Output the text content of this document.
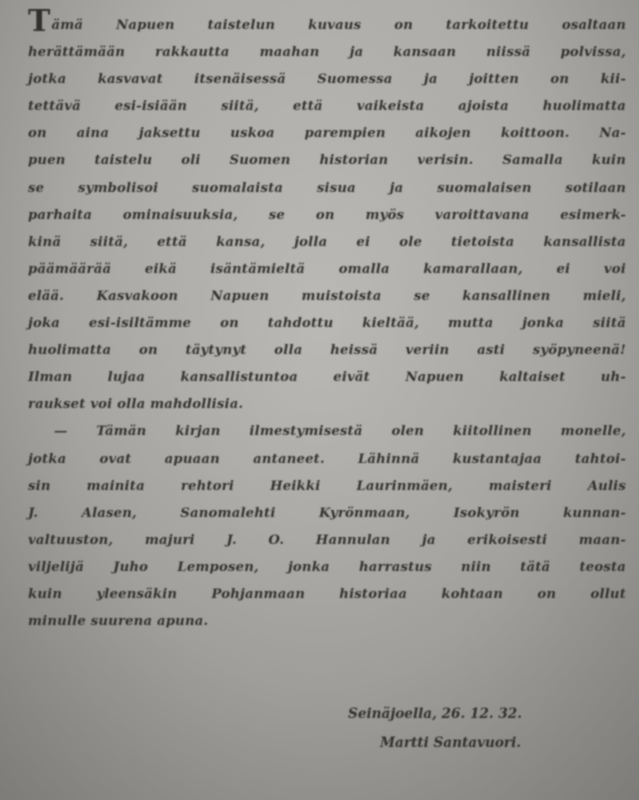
Tämä Napuen taistelun kuvaus on tarkoitettu osaltaan
herättämään rakkautta maahan ja kansaan niissä polvissa,
jotka kasvavat itsenäisessä Suomessa ja joitten on kii-
tettävä esi-isiään siitä, että vaikeista ajoista huolimatta
on aina jaksettu uskoa parempien aikojen koittoon. Na-
puen taistelu oli Suomen historian verisin. Samalla kuin
se symbolisoi suomalaista sisua ja suomalaisen sotilaan
parhaita ominaisuuksia, se on myös varoittavana esimerk-
kinä siitä, että kansa, jolla ei ole tietoista kansallista
päämäärää eikä isäntämieltä omalla kamarallaan, ei voi
elää. Kasvakoon Napuen muistoista se kansallinen mieli,
joka esi-isiltämme on tahdottu kieltää, mutta jonka siitä
huolimatta on täytynyt olla heissä veriin asti syöpyneenä!
Ilman lujaa kansallistuntoa eivät Napuen kaltaiset uh-
raukset voi olla mahdollisia.
— Tämän kirjan ilmestymisestä olen kiitollinen monelle,
jotka ovat apuaan antaneet. Lähinnä kustantajaa tahtoi-
sin mainita rehtori Heikki Laurinmäen, maisteri Aulis
J. Alasen, Sanomalehti Kyrönmaan, Isokyrön kunnan-
valtuuston, majuri J. O. Hannulan ja erikoisesti maan-
viljelijä Juho Lemposen, jonka harrastus niin tätä teosta
kuin yleensäkin Pohjanmaan historiaa kohtaan on ollut
minulle suurena apuna.
Seinäjoella, 26. 12. 32.
Martti Santavuori.
